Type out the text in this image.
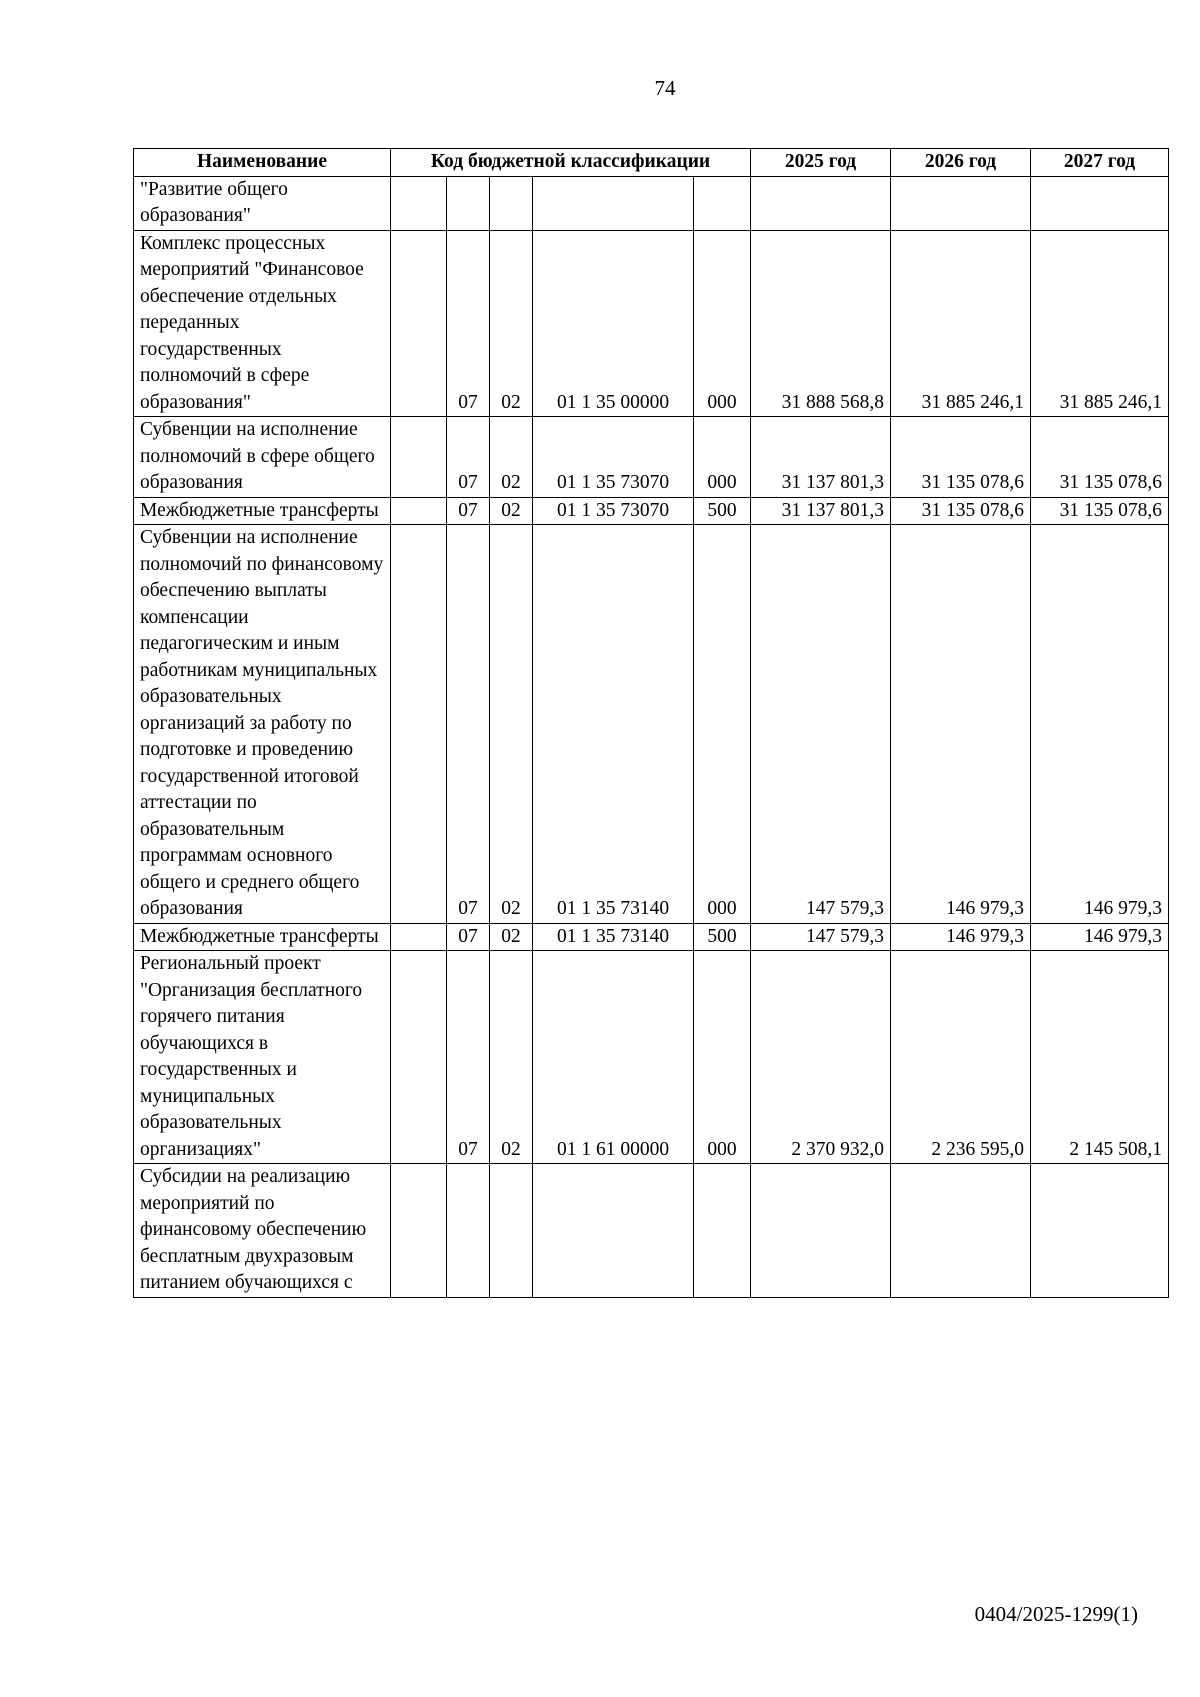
74
Наименование	Код бюджетной классификации					2025 год	2026 год	2027 год
"Развитие общего образования"								
Комплекс процессных мероприятий "Финансовое обеспечение отдельных переданных государственных полномочий в сфере образования"		07	02	01 1 35 00000	000	31 888 568,8	31 885 246,1	31 885 246,1
Субвенции на исполнение полномочий в сфере общего образования		07	02	01 1 35 73070	000	31 137 801,3	31 135 078,6	31 135 078,6
Межбюджетные трансферты		07	02	01 1 35 73070	500	31 137 801,3	31 135 078,6	31 135 078,6
Субвенции на исполнение полномочий по финансовому обеспечению выплаты компенсации педагогическим и иным работникам муниципальных образовательных организаций за работу по подготовке и проведению государственной итоговой аттестации по образовательным программам основного общего и среднего общего образования		07	02	01 1 35 73140	000	147 579,3	146 979,3	146 979,3
Межбюджетные трансферты		07	02	01 1 35 73140	500	147 579,3	146 979,3	146 979,3
Региональный проект "Организация бесплатного горячего питания обучающихся в государственных и муниципальных образовательных организациях"		07	02	01 1 61 00000	000	2 370 932,0	2 236 595,0	2 145 508,1
Субсидии на реализацию мероприятий по финансовому обеспечению бесплатным двухразовым питанием обучающихся с								
0404/2025-1299(1)
